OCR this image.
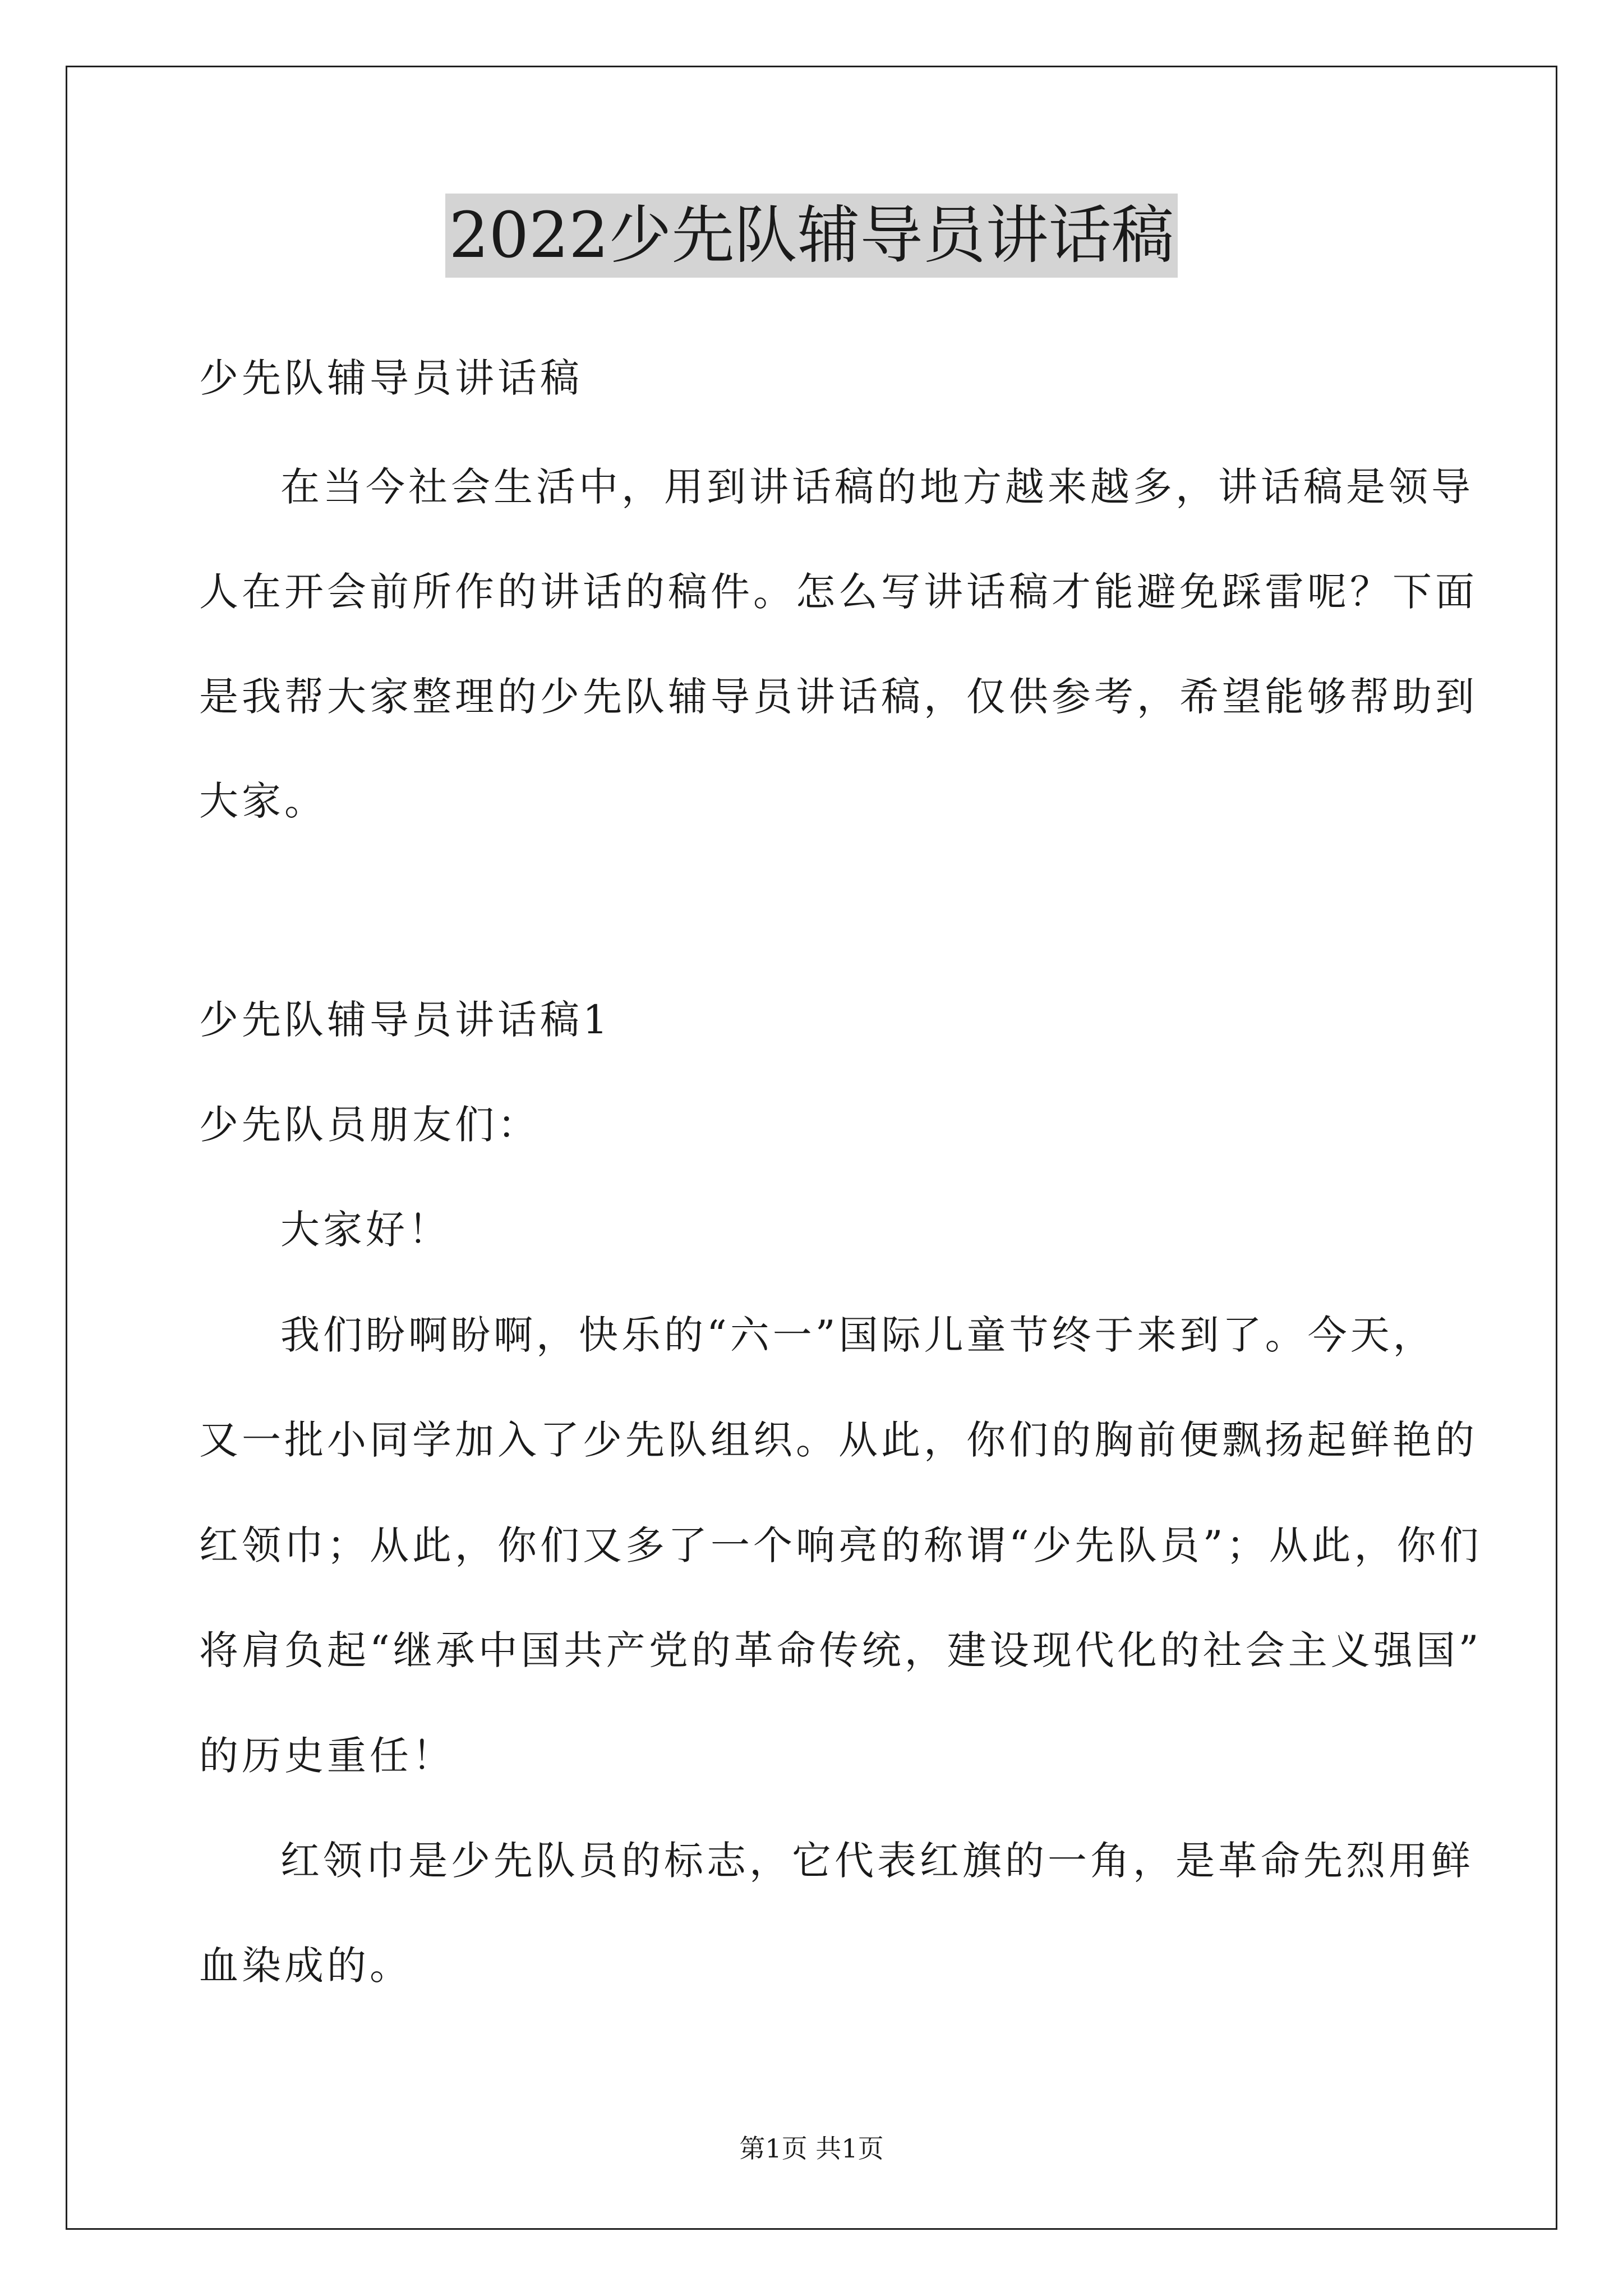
2022少先队辅导员讲话稿
少先队辅导员讲话稿
在当今社会生活中，用到讲话稿的地方越来越多，讲话稿是领导
人在开会前所作的讲话的稿件。怎么写讲话稿才能避免踩雷呢？下面
是我帮大家整理的少先队辅导员讲话稿，仅供参考，希望能够帮助到
大家。
少先队辅导员讲话稿1
少先队员朋友们：
大家好！
我们盼啊盼啊，快乐的“六一”国际儿童节终于来到了。今天，
又一批小同学加入了少先队组织。从此，你们的胸前便飘扬起鲜艳的
红领巾；从此，你们又多了一个响亮的称谓“少先队员”；从此，你们
将肩负起“继承中国共产党的革命传统，建设现代化的社会主义强国”
的历史重任！
红领巾是少先队员的标志，它代表红旗的一角，是革命先烈用鲜
血染成的。
第1页 共1页
